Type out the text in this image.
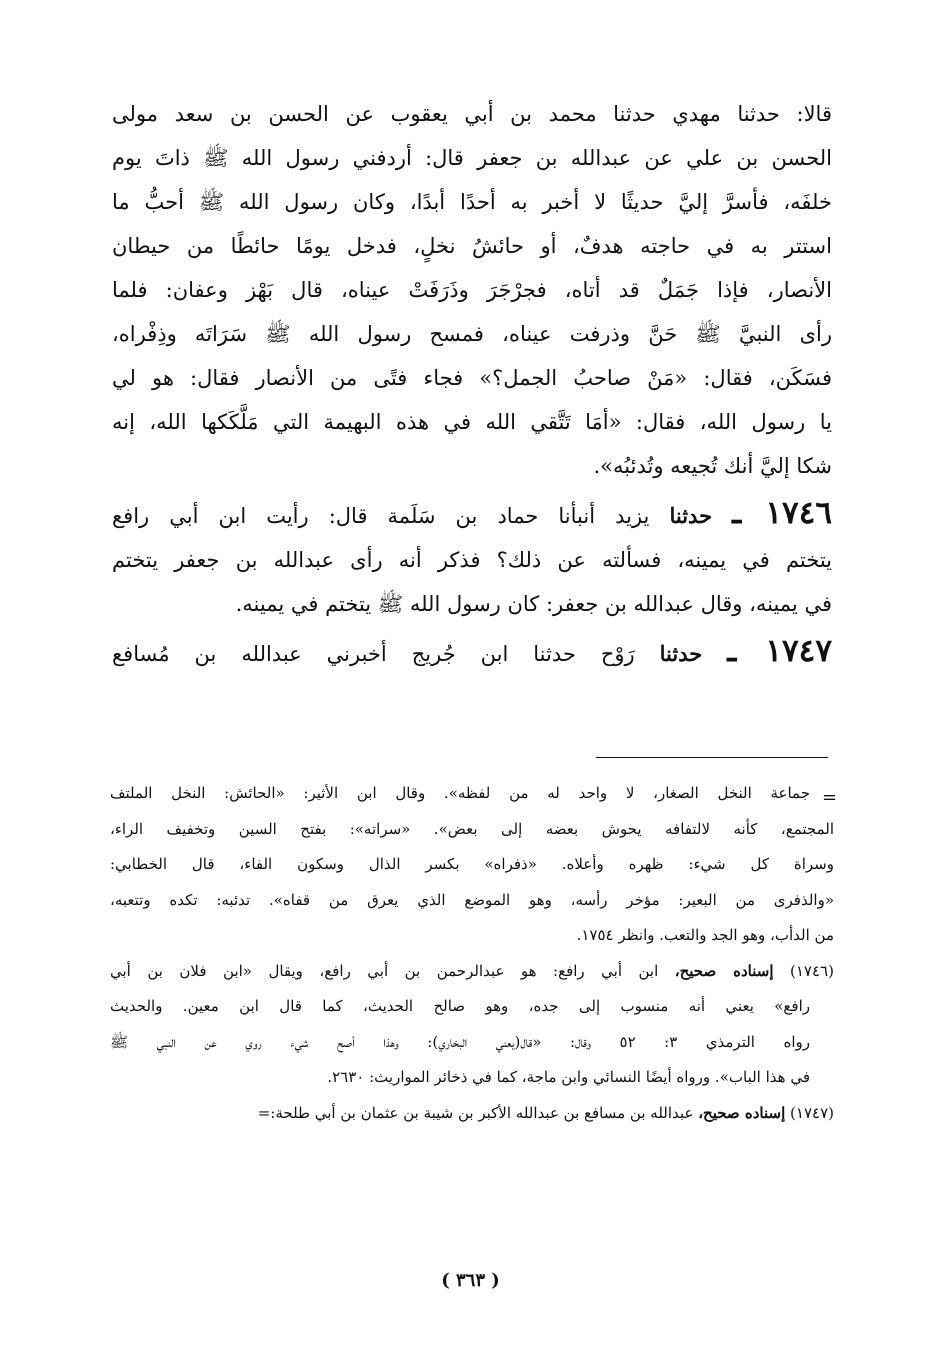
قالا: حدثنا مهدي حدثنا محمد بن أبي يعقوب عن الحسن بن سعد مولى
الحسن بن علي عن عبدالله بن جعفر قال: أردفني رسول الله ﷺ ذاتَ يوم
خلفَه، فأسرَّ إليَّ حديثًا لا أخبر به أحدًا أبدًا، وكان رسول الله ﷺ أحبُّ ما
استتر به في حاجته هدفٌ، أو حائشُ نخلٍ، فدخل يومًا حائطًا من حيطان
الأنصار، فإذا جَمَلٌ قد أتاه، فجرْجَرَ وذَرَفَتْ عيناه، قال بَهْز وعفان: فلما
رأى النبيَّ ﷺ حَنَّ وذرفت عيناه، فمسح رسول الله ﷺ سَرَاتَه وذِفْراه،
فسَكَن، فقال: «مَنْ صاحبُ الجمل؟» فجاء فتًى من الأنصار فقال: هو لي
يا رسول الله، فقال: «أمَا تَتَّقي الله في هذه البهيمة التي مَلَّكَكها الله، إنه
شكا إليَّ أنك تُجيعه وتُدئبُه».
١٧٤٦ ـ حدثنا يزيد أنبأنا حماد بن سَلَمة قال: رأيت ابن أبي رافع
يتختم في يمينه، فسألته عن ذلك؟ فذكر أنه رأى عبدالله بن جعفر يتختم
في يمينه، وقال عبدالله بن جعفر: كان رسول الله ﷺ يتختم في يمينه.
١٧٤٧ ـ حدثنا رَوْح حدثنا ابن جُريج أخبرني عبدالله بن مُسافع
=
جماعة النخل الصغار، لا واحد له من لفظه». وقال ابن الأثير: «الحائش: النخل الملتف
المجتمع، كأنه لالتفافه يحوش بعضه إلى بعض». «سراته»: بفتح السين وتخفيف الراء،
وسراة كل شيء: ظهره وأعلاه. «ذفراه» بكسر الذال وسكون الفاء، قال الخطابي:
«والذفرى من البعير: مؤخر رأسه، وهو الموضع الذي يعرق من قفاه». تدئبه: تكده وتتعبه،
من الدأب، وهو الجد والتعب. وانظر ١٧٥٤.
(١٧٤٦) إسناده صحيح، ابن أبي رافع: هو عبدالرحمن بن أبي رافع، ويقال «ابن فلان بن أبي
رافع» يعني أنه منسوب إلى جده، وهو صالح الحديث، كما قال ابن معين. والحديث
رواه الترمذي ٣: ٥٢ وقال: «قال(يعني البخاري): وهذا أصح شيء روي عن النبي ﷺ
في هذا الباب». ورواه أيضًا النسائي وابن ماجة، كما في ذخائر المواريث: ٢٦٣٠.
(١٧٤٧) إسناده صحيح، عبدالله بن مسافع بن عبدالله الأكبر بن شيبة بن عثمان بن أبي طلحة:=
( ٣٦٣ )
